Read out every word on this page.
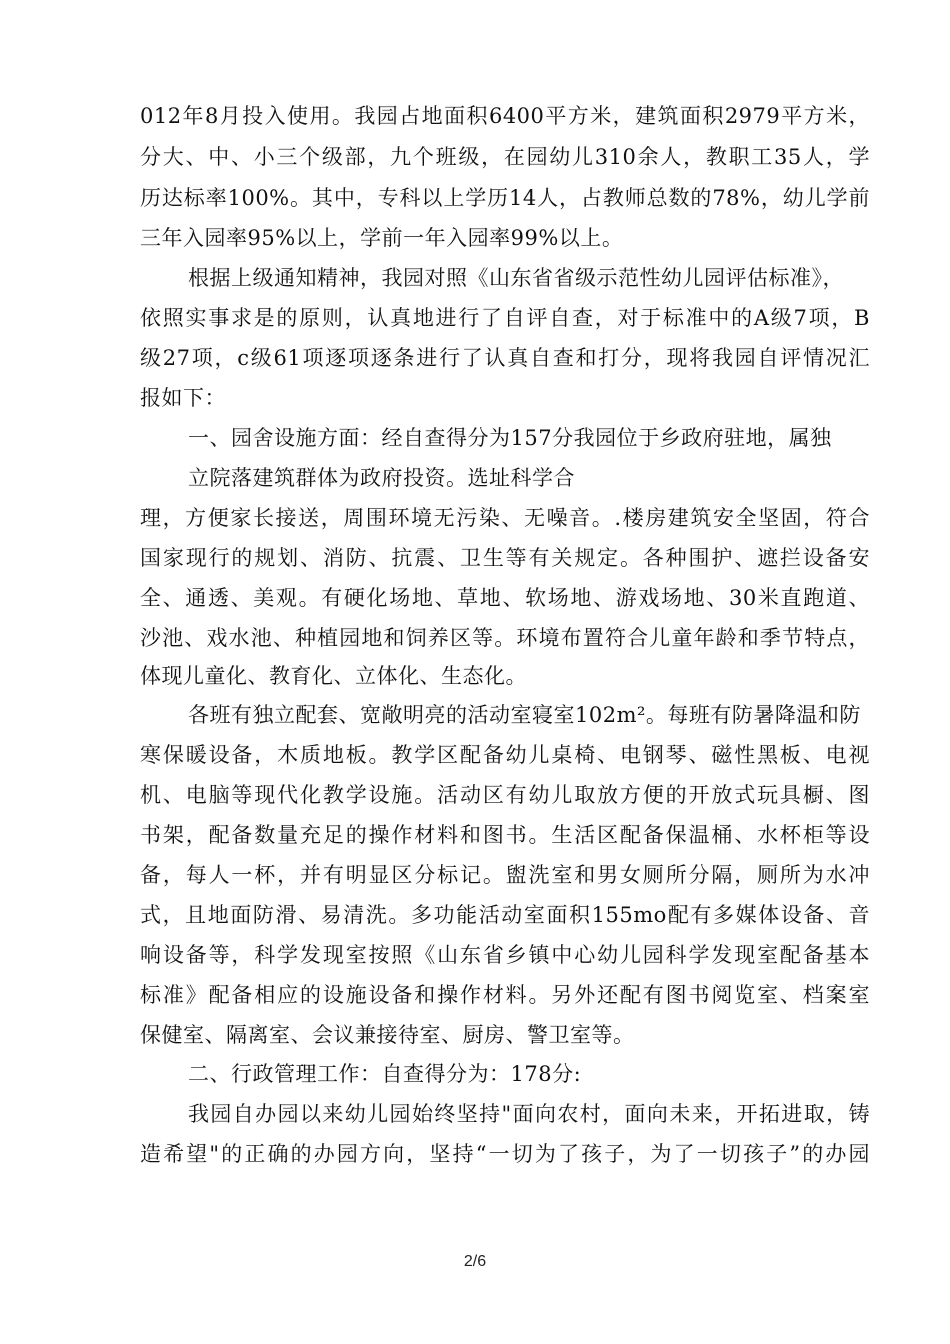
012年8月投入使用。我园占地面积6400平方米，建筑面积2979平方米，
分大、中、小三个级部，九个班级，在园幼儿310余人，教职工35人，学
历达标率100%。其中，专科以上学历14人，占教师总数的78%，幼儿学前
三年入园率95%以上，学前一年入园率99%以上。
根据上级通知精神，我园对照《山东省省级示范性幼儿园评估标准》，
依照实事求是的原则，认真地进行了自评自查，对于标准中的A级7项，B
级27项，c级61项逐项逐条进行了认真自查和打分，现将我园自评情况汇
报如下：
一、园舍设施方面：经自查得分为157分我园位于乡政府驻地，属独
立院落建筑群体为政府投资。选址科学合
理，方便家长接送，周围环境无污染、无噪音。.楼房建筑安全坚固，符合
国家现行的规划、消防、抗震、卫生等有关规定。各种围护、遮拦设备安
全、通透、美观。有硬化场地、草地、软场地、游戏场地、30米直跑道、
沙池、戏水池、种植园地和饲养区等。环境布置符合儿童年龄和季节特点，
体现儿童化、教育化、立体化、生态化。
各班有独立配套、宽敞明亮的活动室寝室102m²。每班有防暑降温和防
寒保暖设备，木质地板。教学区配备幼儿桌椅、电钢琴、磁性黑板、电视
机、电脑等现代化教学设施。活动区有幼儿取放方便的开放式玩具橱、图
书架，配备数量充足的操作材料和图书。生活区配备保温桶、水杯柜等设
备，每人一杯，并有明显区分标记。盥洗室和男女厕所分隔，厕所为水冲
式，且地面防滑、易清洗。多功能活动室面积155mo配有多媒体设备、音
响设备等，科学发现室按照《山东省乡镇中心幼儿园科学发现室配备基本
标准》配备相应的设施设备和操作材料。另外还配有图书阅览室、档案室
保健室、隔离室、会议兼接待室、厨房、警卫室等。
二、行政管理工作：自查得分为：178分:
我园自办园以来幼儿园始终坚持"面向农村，面向未来，开拓进取，铸
造希望"的正确的办园方向，坚持“一切为了孩子，为了一切孩子”的办园
2/6
